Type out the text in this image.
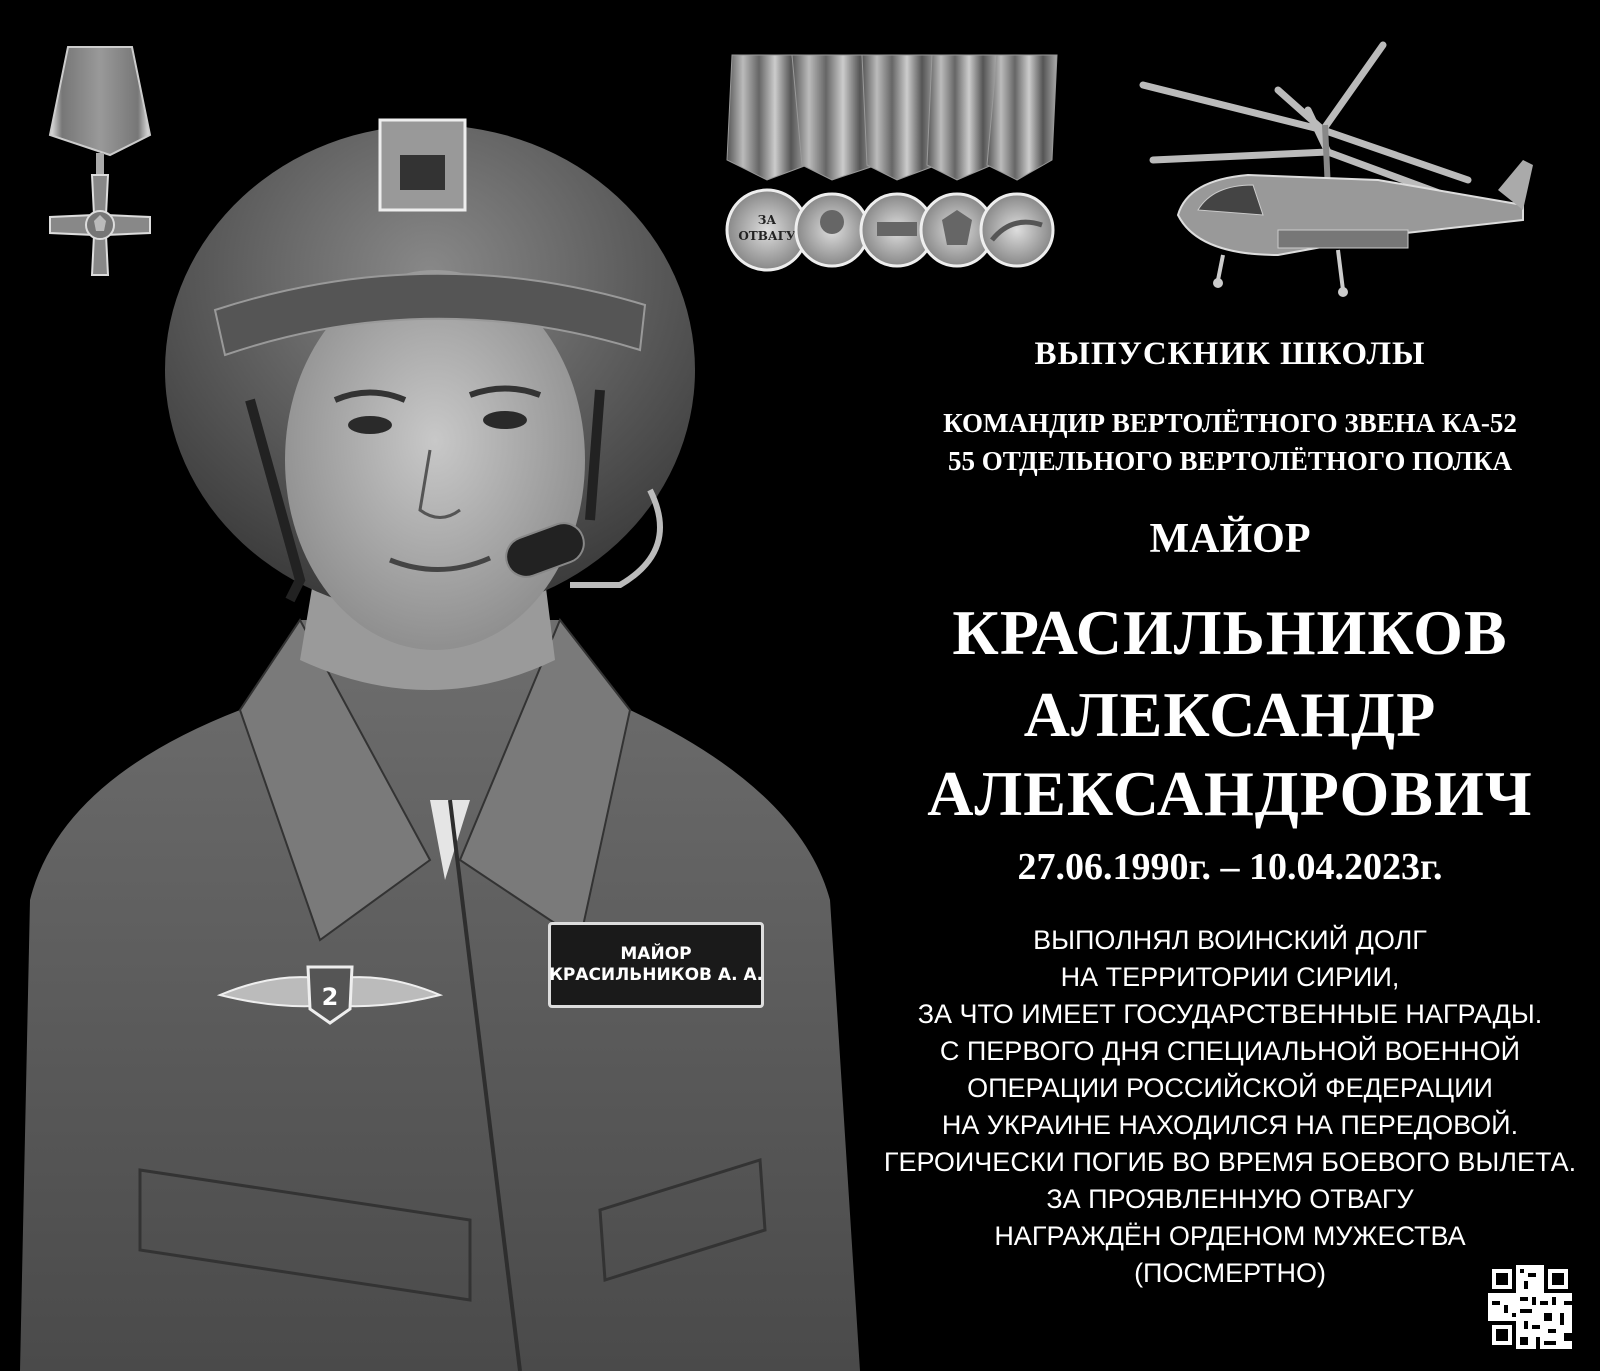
ЗА
ОТВАГУ
2
МАЙОР
КРАСИЛЬНИКОВ А. А.
ВЫПУСКНИК ШКОЛЫ
КОМАНДИР ВЕРТОЛЁТНОГО ЗВЕНА КА-52
55 ОТДЕЛЬНОГО ВЕРТОЛЁТНОГО ПОЛКА
МАЙОР
КРАСИЛЬНИКОВ
АЛЕКСАНДР
АЛЕКСАНДРОВИЧ
27.06.1990г. – 10.04.2023г.
ВЫПОЛНЯЛ ВОИНСКИЙ ДОЛГ
НА ТЕРРИТОРИИ СИРИИ,
ЗА ЧТО ИМЕЕТ ГОСУДАРСТВЕННЫЕ НАГРАДЫ.
С ПЕРВОГО ДНЯ СПЕЦИАЛЬНОЙ ВОЕННОЙ
ОПЕРАЦИИ РОССИЙСКОЙ ФЕДЕРАЦИИ
НА УКРАИНЕ НАХОДИЛСЯ НА ПЕРЕДОВОЙ.
ГЕРОИЧЕСКИ ПОГИБ ВО ВРЕМЯ БОЕВОГО ВЫЛЕТА.
ЗА ПРОЯВЛЕННУЮ ОТВАГУ
НАГРАЖДЁН ОРДЕНОМ МУЖЕСТВА
(ПОСМЕРТНО)
